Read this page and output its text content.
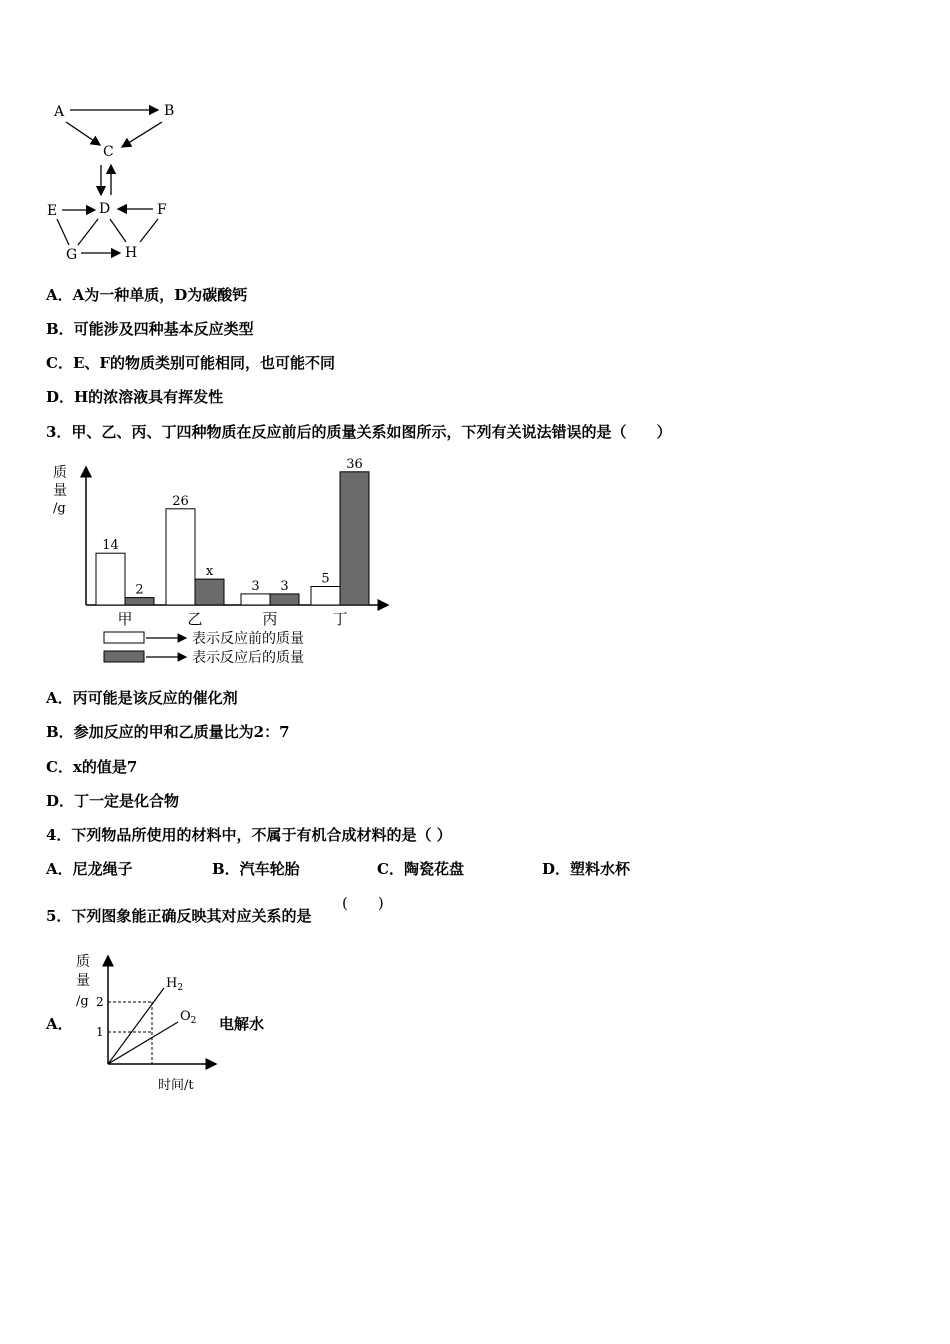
A	B
C
D
E	F
G	H
A．A为一种单质，D为碳酸钙
B．可能涉及四种基本反应类型
C．E、F的物质类别可能相同，也可能不同
D．H的浓溶液具有挥发性
3．甲、乙、丙、丁四种物质在反应前后的质量关系如图所示，下列有关说法错误的是（　　）
质
量
/g
14
2
甲
26
x
乙
3 3
丙
5
36
丁
表示反应前的质量
表示反应后的质量
A．丙可能是该反应的催化剂
B．参加反应的甲和乙质量比为2：7
C．x的值是7
D．丁一定是化合物
4．下列物品所使用的材料中，不属于有机合成材料的是（ ）
A．尼龙绳子	B．汽车轮胎	C．陶瓷花盘	D．塑料水杯
5．下列图象能正确反映其对应关系的是
(　　)
A．
质
量
/g 2
1
$H_2$
$O_2$
时间/t
电解水
